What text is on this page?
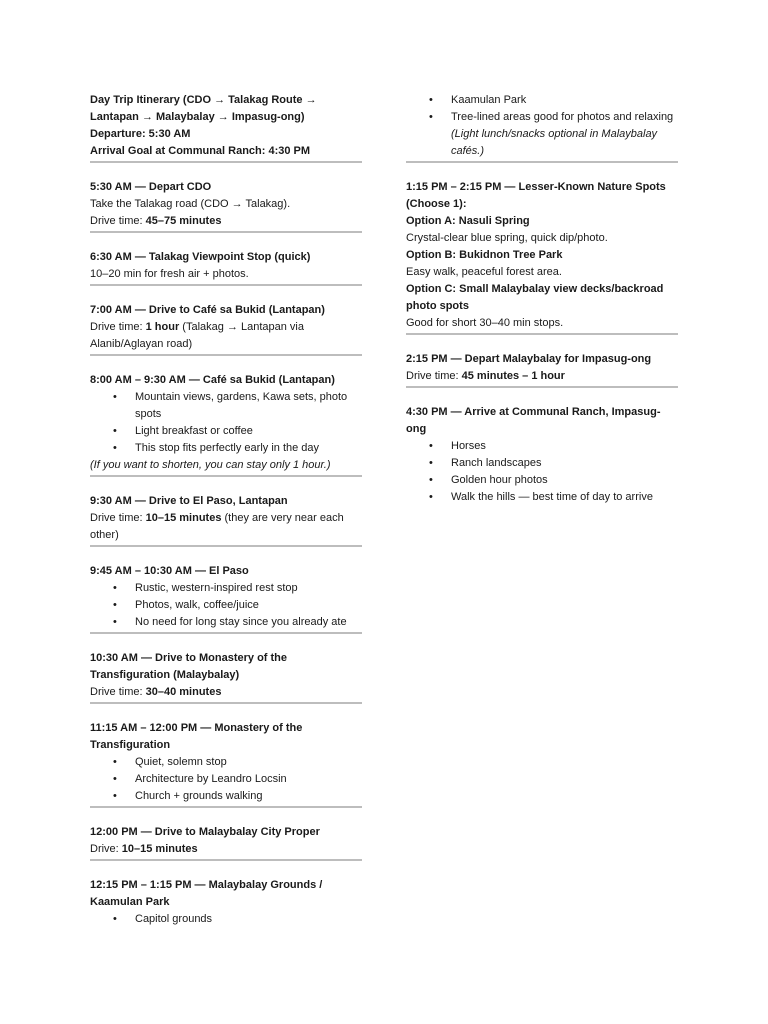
Day Trip Itinerary (CDO → Talakag Route → Lantapan → Malaybalay → Impasug-ong)

Departure: 5:30 AM

Arrival Goal at Communal Ranch: 4:30 PM

5:30 AM — Depart CDO

Take the Talakag road (CDO → Talakag).

Drive time: 45–75 minutes

6:30 AM — Talakag Viewpoint Stop (quick)

10–20 min for fresh air + photos.

7:00 AM — Drive to Café sa Bukid (Lantapan)

Drive time: 1 hour (Talakag → Lantapan via Alanib/Aglayan road)

8:00 AM – 9:30 AM — Café sa Bukid (Lantapan)

• Mountain views, gardens, Kawa sets, photo spots
• Light breakfast or coffee
• This stop fits perfectly early in the day

(If you want to shorten, you can stay only 1 hour.)

9:30 AM — Drive to El Paso, Lantapan

Drive time: 10–15 minutes (they are very near each other)

9:45 AM – 10:30 AM — El Paso

• Rustic, western-inspired rest stop
• Photos, walk, coffee/juice
• No need for long stay since you already ate

10:30 AM — Drive to Monastery of the Transfiguration (Malaybalay)

Drive time: 30–40 minutes

11:15 AM – 12:00 PM — Monastery of the Transfiguration

• Quiet, solemn stop
• Architecture by Leandro Locsin
• Church + grounds walking

12:00 PM — Drive to Malaybalay City Proper

Drive: 10–15 minutes

12:15 PM – 1:15 PM — Malaybalay Grounds / Kaamulan Park

• Capitol grounds
• Kaamulan Park
• Tree-lined areas good for photos and relaxing

(Light lunch/snacks optional in Malaybalay cafés.)

1:15 PM – 2:15 PM — Lesser-Known Nature Spots (Choose 1):

Option A: Nasuli Spring

Crystal-clear blue spring, quick dip/photo.

Option B: Bukidnon Tree Park

Easy walk, peaceful forest area.

Option C: Small Malaybalay view decks/backroad photo spots

Good for short 30–40 min stops.

2:15 PM — Depart Malaybalay for Impasug-ong

Drive time: 45 minutes – 1 hour

4:30 PM — Arrive at Communal Ranch, Impasug-ong

• Horses
• Ranch landscapes
• Golden hour photos
• Walk the hills — best time of day to arrive
